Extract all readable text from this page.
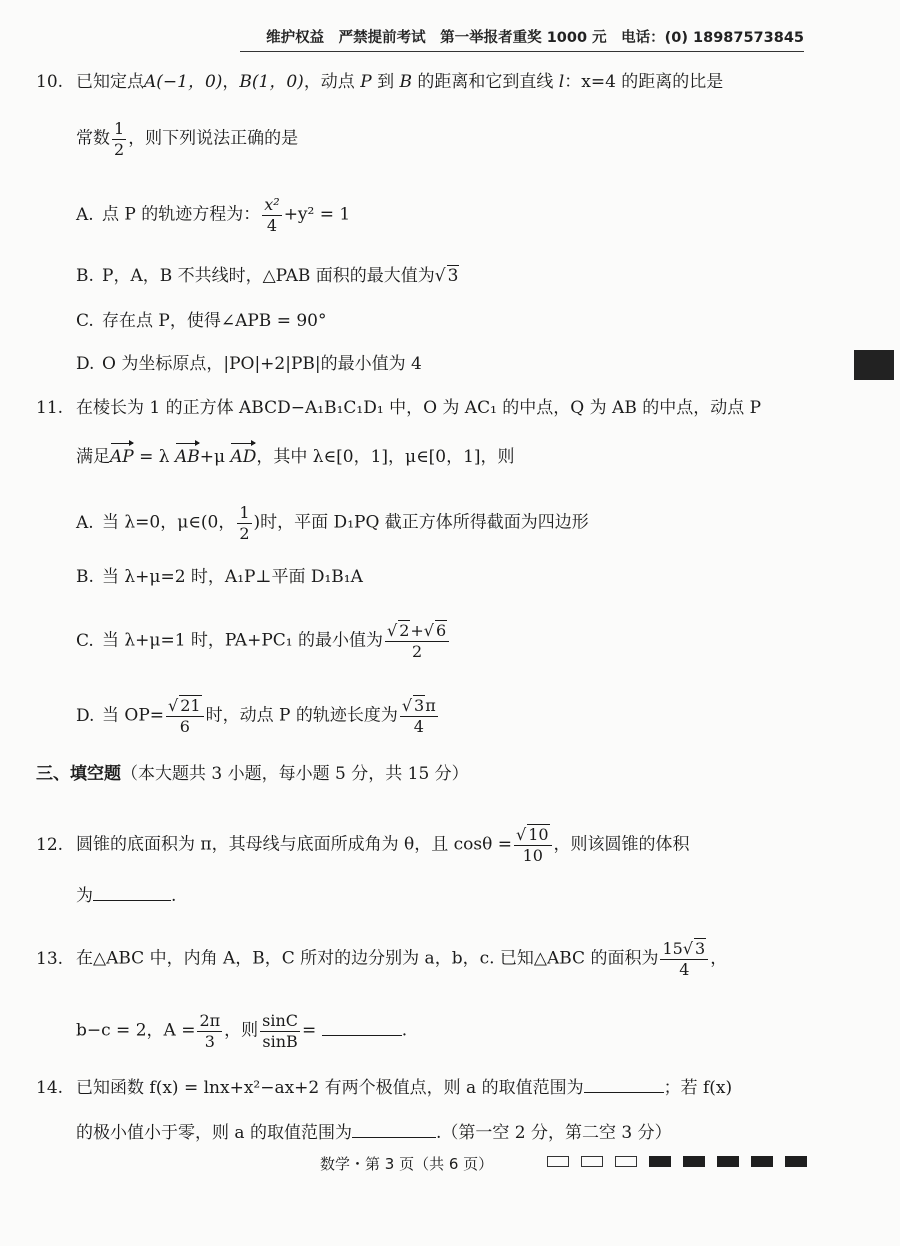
维护权益　严禁提前考试　第一举报者重奖 1000 元　电话：(0) 18987573845
10. 已知定点A(−1，0)，B(1，0)，动点 P 到 B 的距离和它到直线 l：x=4 的距离的比是
常数 $\frac{1}{2}$ ，则下列说法正确的是
A. 点 P 的轨迹方程为： $\frac{\text{x²}}{4} +y^2 = 1$
B. P，A，B 不共线时，△PAB 面积的最大值为√ 3
C. 存在点 P，使得∠APB = 90°
D. O 为坐标原点，|PO|+2|PB|的最小值为 4
11. 在棱长为 1 的正方体 ABCD−A₁B₁C₁D₁ 中，O 为 AC₁ 的中点，Q 为 AB 的中点，动点 P
满足AP = λ AB+μ AD，其中 λ∈[0，1]，μ∈[0，1]，则
A. 当 λ=0，μ∈(0， $\frac{1}{2}$ )时，平面 D₁PQ 截正方体所得截面为四边形
B. 当 λ+μ=2 时，A₁P⊥平面 D₁B₁A
C. 当 λ+μ=1 时，PA+PC₁ 的最小值为 $\frac{√ 2+√ 6}{2}$
D. 当 $OP= \frac{√ 21}{6}$ 时，动点 P 的轨迹长度为 $\frac{√ 3\pi}{4}$
三、填空题（本大题共 3 小题，每小题 5 分，共 15 分）
12. 圆锥的底面积为 π，其母线与底面所成角为 θ，且 $\cos\theta = \frac{√ 10}{10}$ ，则该圆锥的体积
为	.
13. 在△ABC 中，内角 A，B，C 所对的边分别为 a，b，c. 已知△ABC 的面积为 $\frac{15√ 3}{4}$ ，
b−c = 2，$A = \frac{2\pi}{3}$ ，则 $\frac{\sin C}{\sin B}$ =	.
14. 已知函数 f(x) = lnx+x²−ax+2 有两个极值点，则 a 的取值范围为	；若 f(x)
的极小值小于零，则 a 的取值范围为	.（第一空 2 分，第二空 3 分）
数学・第 3 页（共 6 页）
